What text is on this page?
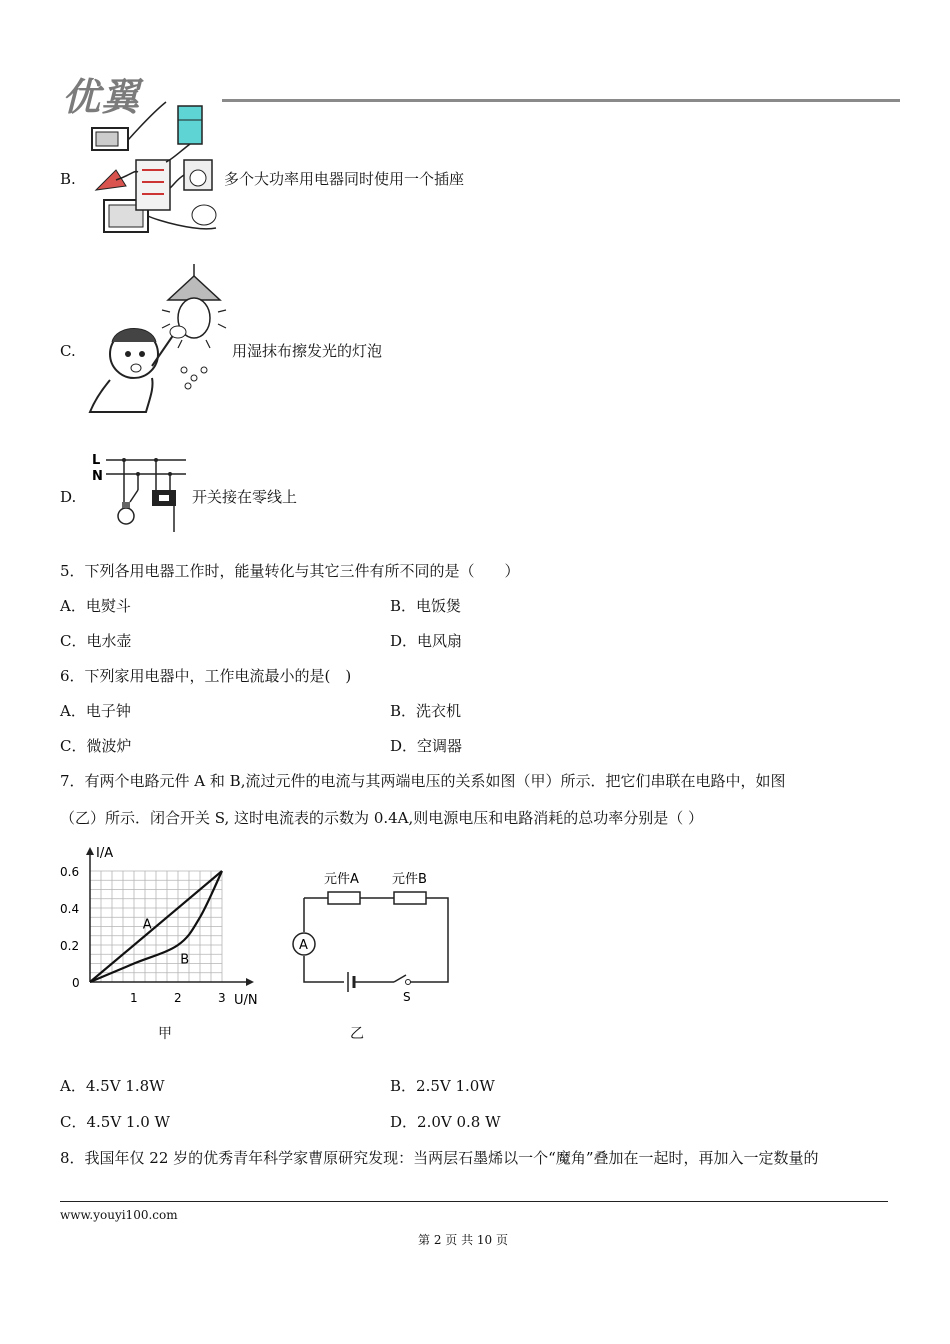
优翼
B.	多个大功率用电器同时使用一个插座
C.	用湿抹布擦发光的灯泡
D.
L
N
开关接在零线上
5．下列各用电器工作时，能量转化与其它三件有所不同的是（　　）
A．电熨斗	B．电饭煲
C．电水壶	D．电风扇
6．下列家用电器中，工作电流最小的是(　)
A．电子钟	B．洗衣机
C．微波炉	D．空调器
7．有两个电路元件 A 和 B,流过元件的电流与其两端电压的关系如图（甲）所示．把它们串联在电路中，如图
（乙）所示．闭合开关 S, 这时电流表的示数为 0.4A,则电源电压和电路消耗的总功率分别是（ ）
I/A
U/N
0
1	2	3
0.2
0.4
0.6
A
B
甲
元件A	元件B
A
S
乙
A．4.5V 1.8W	B．2.5V 1.0W
C．4.5V 1.0 W	D．2.0V 0.8 W
8．我国年仅 22 岁的优秀青年科学家曹原研究发现：当两层石墨烯以一个“魔角”叠加在一起时，再加入一定数量的
www.youyi100.com
第 2 页 共 10 页
